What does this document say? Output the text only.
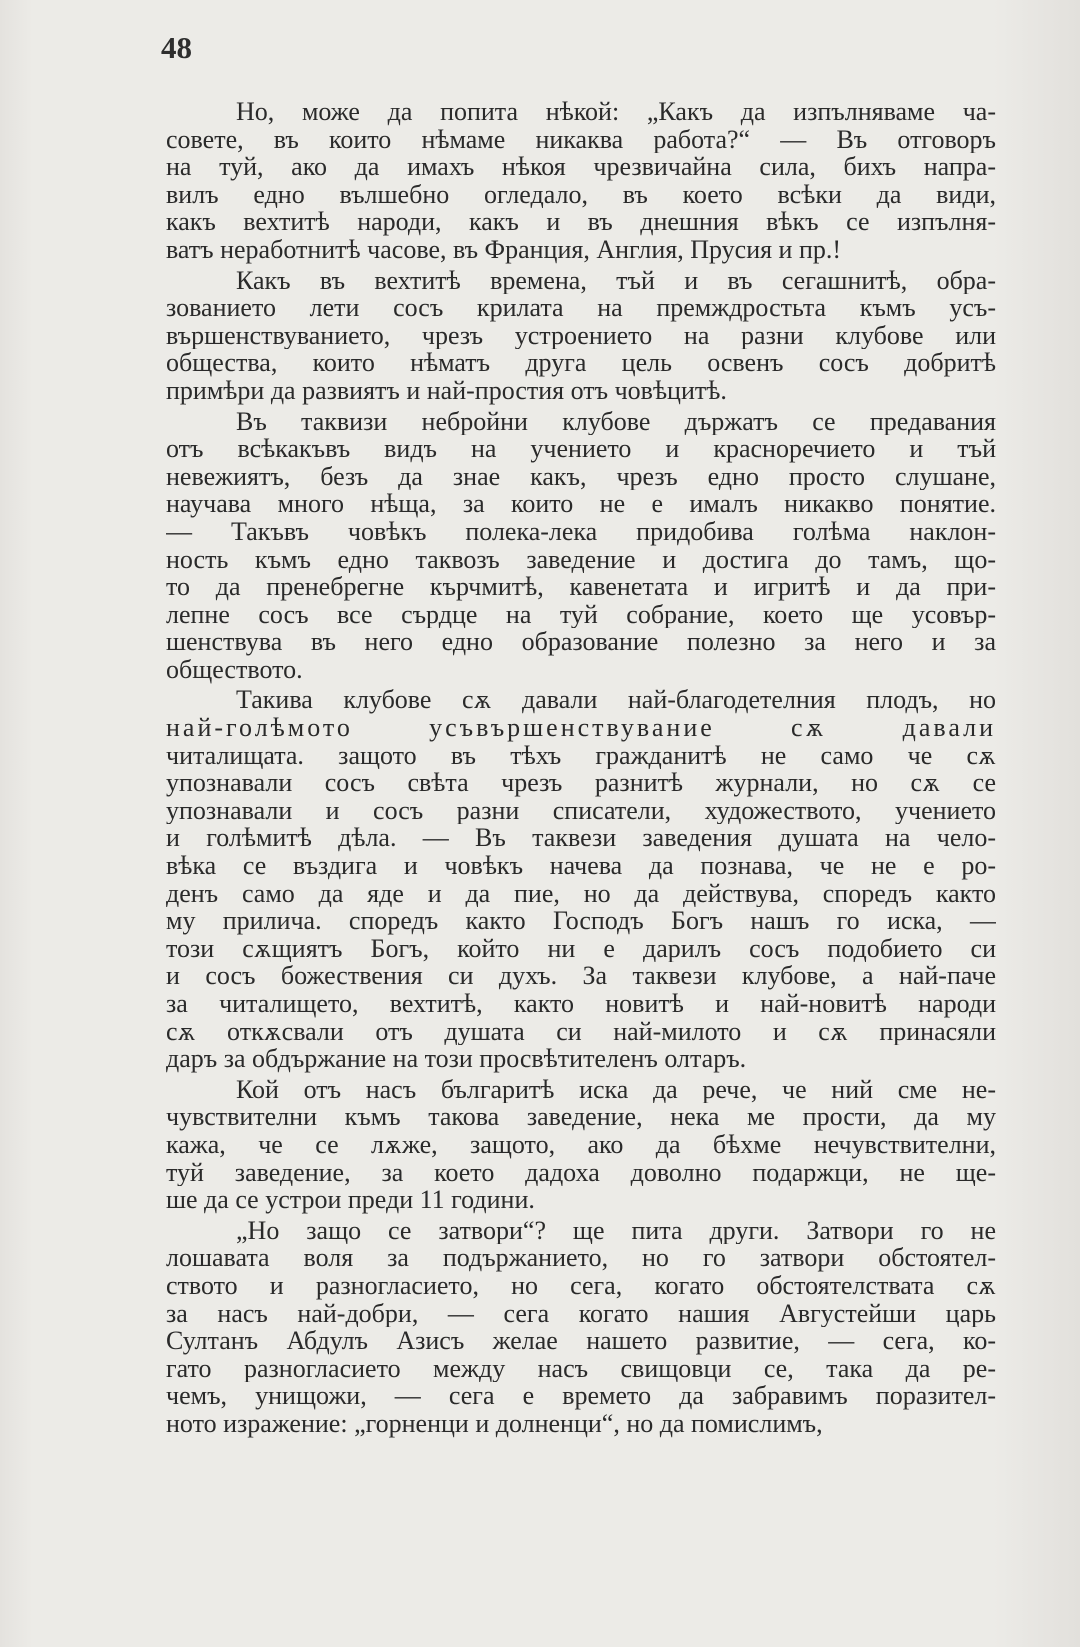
48
Но, може да попита нѣкой: „Какъ да изпълняваме ча-
совете, въ които нѣмаме никаква работа?“ — Въ отговоръ
на туй, ако да имахъ нѣкоя чрезвичайна сила, бихъ напра-
вилъ едно вълшебно огледало, въ което всѣки да види,
какъ вехтитѣ народи, какъ и въ днешния вѣкъ се изпълня-
ватъ неработнитѣ часове, въ Франция, Англия, Прусия и пр.!
Какъ въ вехтитѣ времена, тъй и въ сегашнитѣ, обра-
зованието лети сосъ крилата на премждростьта къмъ усъ-
вършенствуванието, чрезъ устроението на разни клубове или
общества, които нѣматъ друга цель освенъ сосъ добритѣ
примѣри да развиятъ и най-простия отъ човѣцитѣ.
Въ таквизи небройни клубове държатъ се предавания
отъ всѣкакъвъ видъ на учението и красноречието и тъй
невежиятъ, безъ да знае какъ, чрезъ едно просто слушане,
научава много нѣща, за които не е ималъ никакво понятие.
— Такъвъ човѣкъ полека-лека придобива голѣма наклон-
ность къмъ едно таквозъ заведение и достига до тамъ, що-
то да пренебрегне кърчмитѣ, кавенетата и игритѣ и да при-
лепне сосъ все сърдце на туй собрание, което ще усовър-
шенствува въ него едно образование полезно за него и за
обществото.
Такива клубове сѫ давали най-благодетелния плодъ, но
най-голѣмото усъвършенствувание сѫ давали
читалищата. защото въ тѣхъ гражданитѣ не само че сѫ
упознавали сосъ свѣта чрезъ разнитѣ журнали, но сѫ се
упознавали и сосъ разни списатели, художеството, учението
и голѣмитѣ дѣла. — Въ таквези заведения душата на чело-
вѣка се въздига и човѣкъ начева да познава, че не е ро-
денъ само да яде и да пие, но да действува, споредъ както
му прилича. споредъ както Господъ Богъ нашъ го иска, —
този сѫщиятъ Богъ, който ни е дарилъ сосъ подобието си
и сосъ божествения си духъ. За таквези клубове, а най-паче
за читалището, вехтитѣ, както новитѣ и най-новитѣ народи
сѫ откѫсвали отъ душата си най-милото и сѫ принасяли
даръ за обдържание на този просвѣтителенъ олтаръ.
Кой отъ насъ българитѣ иска да рече, че ний сме не-
чувствителни къмъ такова заведение, нека ме прости, да му
кажа, че се лѫже, защото, ако да бѣхме нечувствителни,
туй заведение, за което дадоха доволно подаржци, не ще-
ше да се устрои преди 11 години.
„Но защо се затвори“? ще пита други. Затвори го не
лошавата воля за подържанието, но го затвори обстоятел-
ството и разногласието, но сега, когато обстоятелствата сѫ
за насъ най-добри, — сега когато нашия Августейши царь
Султанъ Абдулъ Азисъ желае нашето развитие, — сега, ко-
гато разногласието между насъ свищовци се, така да ре-
чемъ, унищожи, — сега е времето да забравимъ поразител-
ното изражение: „горненци и долненци“, но да помислимъ,
